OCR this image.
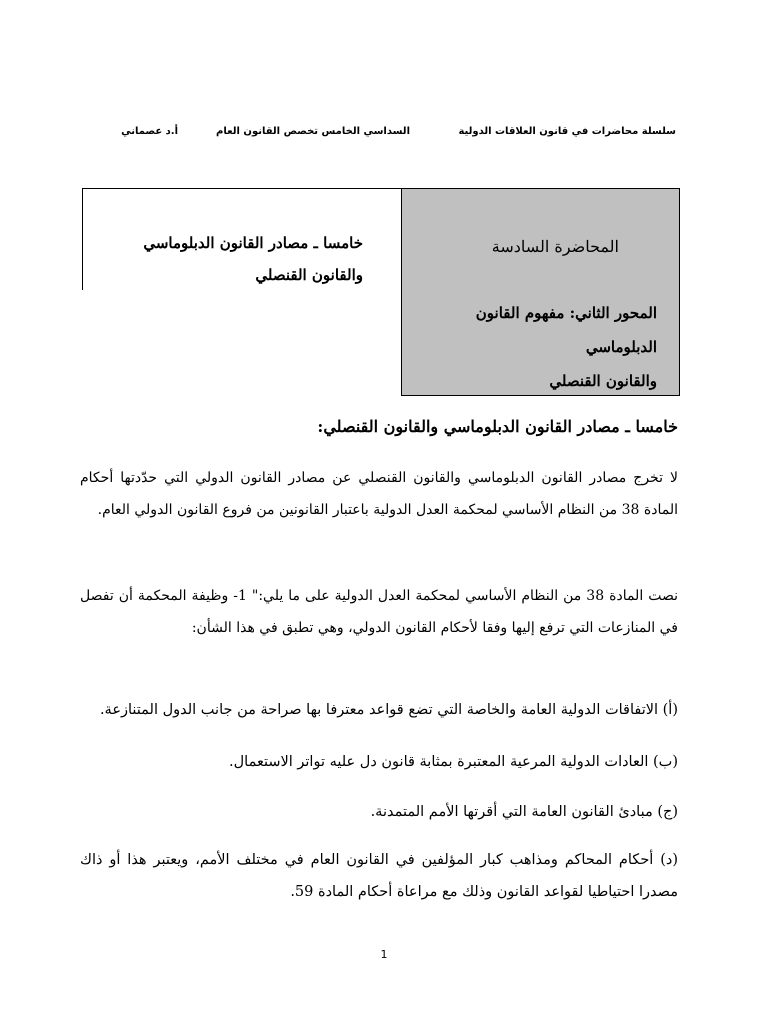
سلسلة محاضرات في قانون العلاقات الدولية
السداسي الخامس تخصص القانون العام
أ.د عصماني
خامسا ـ مصادر القانون الدبلوماسي
والقانون القنصلي
المحاضرة السادسة
المحور الثاني: مفهوم القانون الدبلوماسي
والقانون القنصلي
خامسا ـ مصادر القانون الدبلوماسي والقانون القنصلي:
لا تخرج مصادر القانون الدبلوماسي والقانون القنصلي عن مصادر القانون الدولي التي حدّدتها أحكام المادة 38 من النظام الأساسي لمحكمة العدل الدولية باعتبار القانونين من فروع القانون الدولي العام.
نصت المادة 38 من النظام الأساسي لمحكمة العدل الدولية على ما يلي:" 1- وظيفة المحكمة أن تفصل في المنازعات التي ترفع إليها وفقا لأحكام القانون الدولي، وهي تطبق في هذا الشأن:
(أ) الاتفاقات الدولية العامة والخاصة التي تضع قواعد معترفا بها صراحة من جانب الدول المتنازعة.
(ب) العادات الدولية المرعية المعتبرة بمثابة قانون دل عليه تواتر الاستعمال.
(ج) مبادئ القانون العامة التي أقرتها الأمم المتمدنة.
(د) أحكام المحاكم ومذاهب كبار المؤلفين في القانون العام في مختلف الأمم، ويعتبر هذا أو ذاك مصدرا احتياطيا لقواعد القانون وذلك مع مراعاة أحكام المادة 59.
1
